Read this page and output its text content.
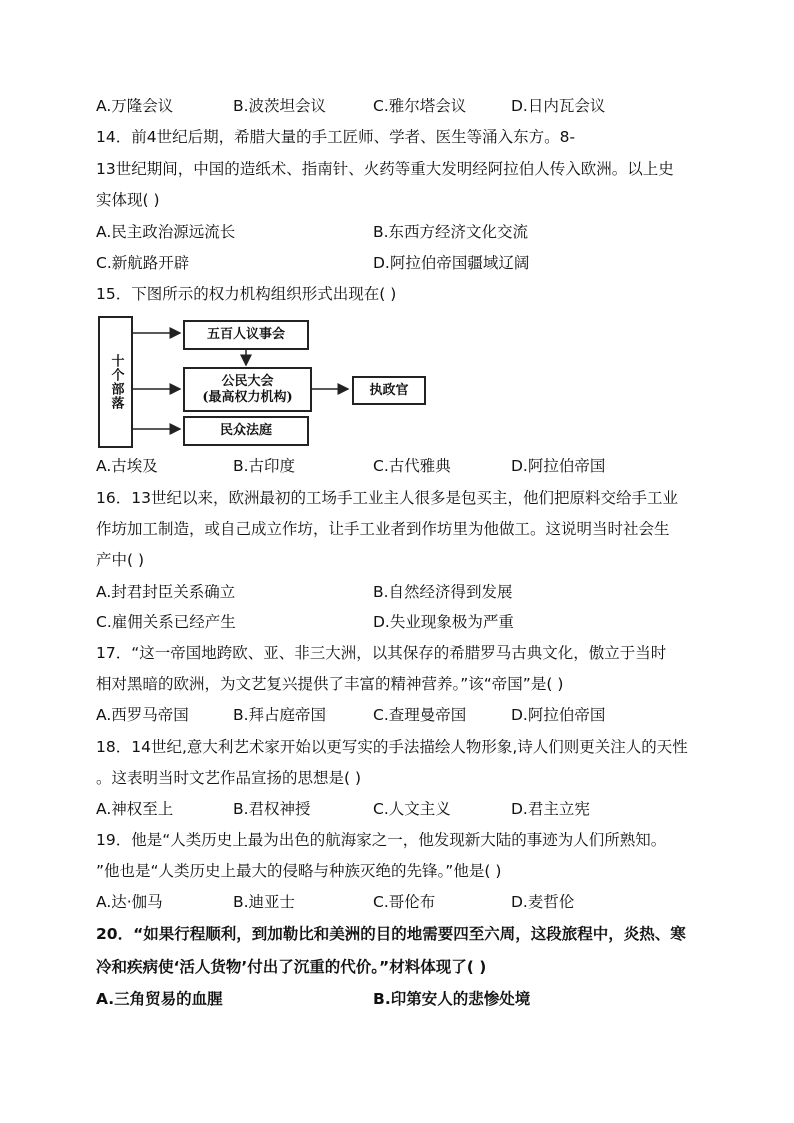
A.万隆会议	B.波茨坦会议	C.雅尔塔会议	D.日内瓦会议
14．前4世纪后期，希腊大量的手工匠师、学者、医生等涌入东方。8-
13世纪期间，中国的造纸术、指南针、火药等重大发明经阿拉伯人传入欧洲。以上史
实体现( )
A.民主政治源远流长	B.东西方经济文化交流
C.新航路开辟	D.阿拉伯帝国疆域辽阔
15．下图所示的权力机构组织形式出现在( )
十个部落
五百人议事会
公民大会
(最高权力机构)
民众法庭
执政官
A.古埃及	B.古印度	C.古代雅典	D.阿拉伯帝国
16．13世纪以来，欧洲最初的工场手工业主人很多是包买主，他们把原料交给手工业
作坊加工制造，或自己成立作坊，让手工业者到作坊里为他做工。这说明当时社会生
产中( )
A.封君封臣关系确立	B.自然经济得到发展
C.雇佣关系已经产生	D.失业现象极为严重
17．“这一帝国地跨欧、亚、非三大洲，以其保存的希腊罗马古典文化，傲立于当时
相对黑暗的欧洲，为文艺复兴提供了丰富的精神营养。”该“帝国”是( )
A.西罗马帝国	B.拜占庭帝国	C.查理曼帝国	D.阿拉伯帝国
18．14世纪,意大利艺术家开始以更写实的手法描绘人物形象,诗人们则更关注人的天性
。这表明当时文艺作品宣扬的思想是( )
A.神权至上	B.君权神授	C.人文主义	D.君主立宪
19．他是“人类历史上最为出色的航海家之一，他发现新大陆的事迹为人们所熟知。
”他也是“人类历史上最大的侵略与种族灭绝的先锋。”他是( )
A.达·伽马	B.迪亚士	C.哥伦布	D.麦哲伦
20．“如果行程顺利，到加勒比和美洲的目的地需要四至六周，这段旅程中，炎热、寒
冷和疾病使‘活人货物’付出了沉重的代价。”材料体现了( )
A.三角贸易的血腥	B.印第安人的悲惨处境
